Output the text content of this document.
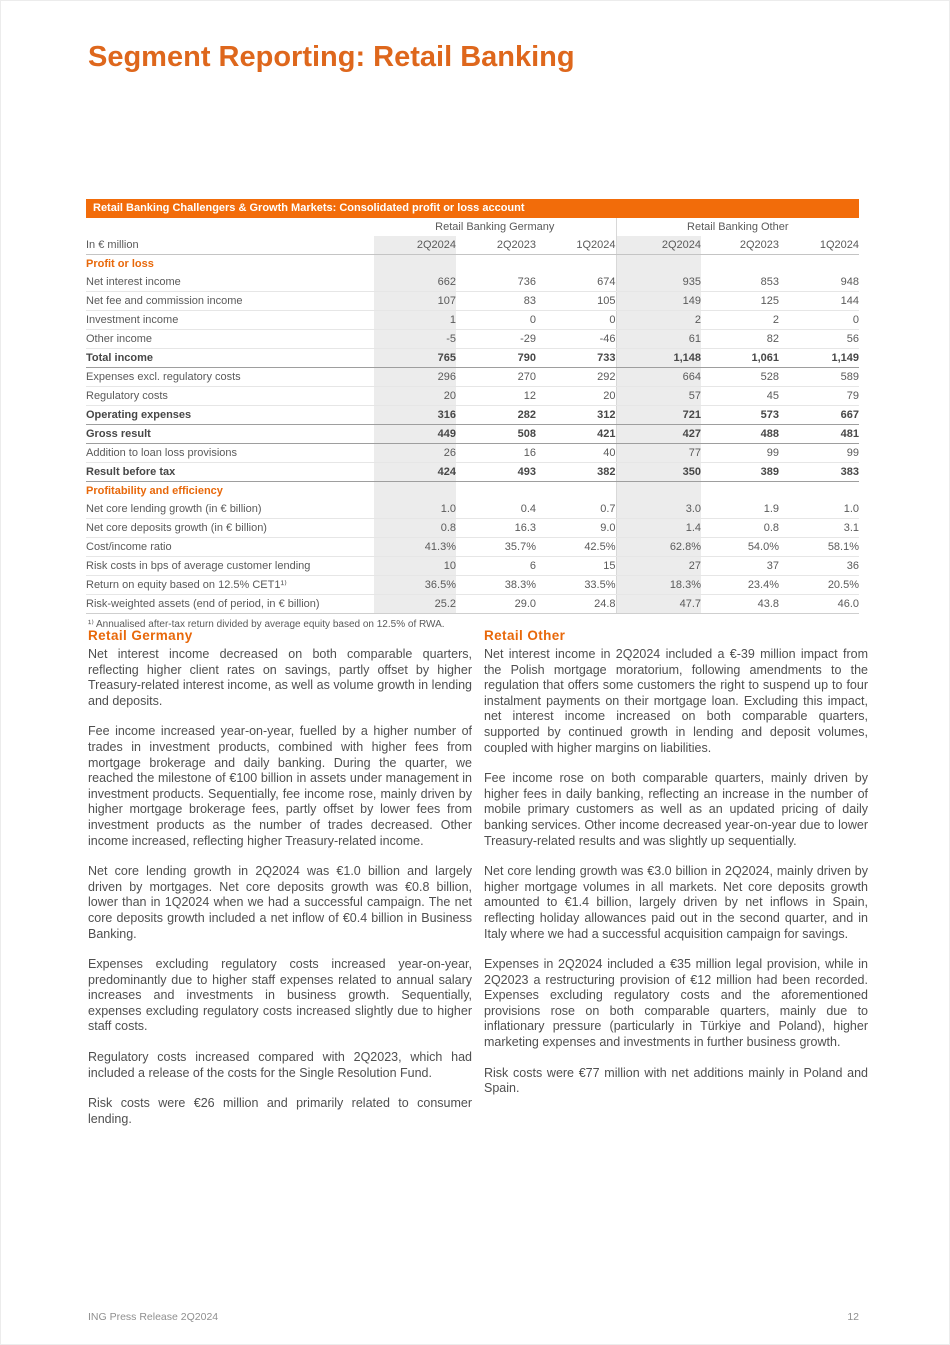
Segment Reporting: Retail Banking
Retail Banking Challengers & Growth Markets: Consolidated profit or loss account
	Retail Banking Germany			Retail Banking Other		
In € million	2Q2024	2Q2023	1Q2024	2Q2024	2Q2023	1Q2024
Profit or loss						
Net interest income	662	736	674	935	853	948
Net fee and commission income	107	83	105	149	125	144
Investment income	1	0	0	2	2	0
Other income	-5	-29	-46	61	82	56
Total income	765	790	733	1,148	1,061	1,149
Expenses excl. regulatory costs	296	270	292	664	528	589
Regulatory costs	20	12	20	57	45	79
Operating expenses	316	282	312	721	573	667
Gross result	449	508	421	427	488	481
Addition to loan loss provisions	26	16	40	77	99	99
Result before tax	424	493	382	350	389	383
Profitability and efficiency						
Net core lending growth (in € billion)	1.0	0.4	0.7	3.0	1.9	1.0
Net core deposits growth (in € billion)	0.8	16.3	9.0	1.4	0.8	3.1
Cost/income ratio	41.3%	35.7%	42.5%	62.8%	54.0%	58.1%
Risk costs in bps of average customer lending	10	6	15	27	37	36
Return on equity based on 12.5% CET1¹⁾	36.5%	38.3%	33.5%	18.3%	23.4%	20.5%
Risk-weighted assets (end of period, in € billion)	25.2	29.0	24.8	47.7	43.8	46.0
¹⁾ Annualised after-tax return divided by average equity based on 12.5% of RWA.
Retail Germany

Net interest income decreased on both comparable quarters, reflecting higher client rates on savings, partly offset by higher Treasury-related interest income, as well as volume growth in lending and deposits.

Fee income increased year-on-year, fuelled by a higher number of trades in investment products, combined with higher fees from mortgage brokerage and daily banking. During the quarter, we reached the milestone of €100 billion in assets under management in investment products. Sequentially, fee income rose, mainly driven by higher mortgage brokerage fees, partly offset by lower fees from investment products as the number of trades decreased. Other income increased, reflecting higher Treasury-related income.

Net core lending growth in 2Q2024 was €1.0 billion and largely driven by mortgages. Net core deposits growth was €0.8 billion, lower than in 1Q2024 when we had a successful campaign. The net core deposits growth included a net inflow of €0.4 billion in Business Banking.

Expenses excluding regulatory costs increased year-on-year, predominantly due to higher staff expenses related to annual salary increases and investments in business growth. Sequentially, expenses excluding regulatory costs increased slightly due to higher staff costs.

Regulatory costs increased compared with 2Q2023, which had included a release of the costs for the Single Resolution Fund.

Risk costs were €26 million and primarily related to consumer lending.

Retail Other

Net interest income in 2Q2024 included a €-39 million impact from the Polish mortgage moratorium, following amendments to the regulation that offers some customers the right to suspend up to four instalment payments on their mortgage loan. Excluding this impact, net interest income increased on both comparable quarters, supported by continued growth in lending and deposit volumes, coupled with higher margins on liabilities.

Fee income rose on both comparable quarters, mainly driven by higher fees in daily banking, reflecting an increase in the number of mobile primary customers as well as an updated pricing of daily banking services. Other income decreased year-on-year due to lower Treasury-related results and was slightly up sequentially.

Net core lending growth was €3.0 billion in 2Q2024, mainly driven by higher mortgage volumes in all markets. Net core deposits growth amounted to €1.4 billion, largely driven by net inflows in Spain, reflecting holiday allowances paid out in the second quarter, and in Italy where we had a successful acquisition campaign for savings.

Expenses in 2Q2024 included a €35 million legal provision, while in 2Q2023 a restructuring provision of €12 million had been recorded. Expenses excluding regulatory costs and the aforementioned provisions rose on both comparable quarters, mainly due to inflationary pressure (particularly in Türkiye and Poland), higher marketing expenses and investments in further business growth.

Risk costs were €77 million with net additions mainly in Poland and Spain.

ING Press Release 2Q2024	12
